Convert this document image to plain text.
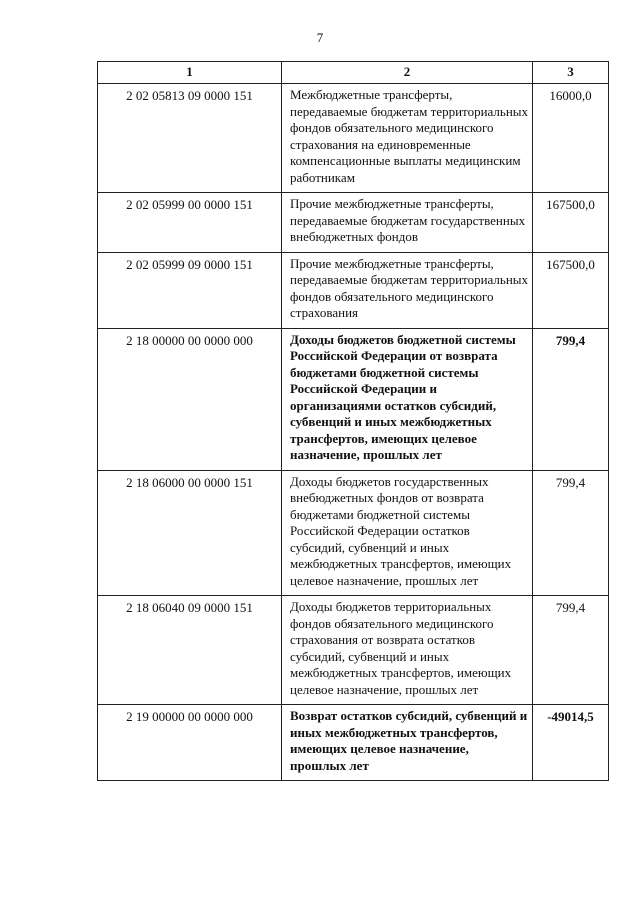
7
1	2	3
2 02 05813 09 0000 151	Межбюджетные трансферты, передаваемые бюджетам территориальных фондов обязательного медицинского страхования на единовременные компенсационные выплаты медицинским работникам	16000,0
2 02 05999 00 0000 151	Прочие межбюджетные трансферты, передаваемые бюджетам государственных внебюджетных фондов	167500,0
2 02 05999 09 0000 151	Прочие межбюджетные трансферты, передаваемые бюджетам территориальных фондов обязательного медицинского страхования	167500,0
2 18 00000 00 0000 000	Доходы бюджетов бюджетной системы Российской Федерации от возврата бюджетами бюджетной системы Российской Федерации и организациями остатков субсидий, субвенций и иных межбюджетных трансфертов, имеющих целевое назначение, прошлых лет	799,4
2 18 06000 00 0000 151	Доходы бюджетов государственных внебюджетных фондов от возврата бюджетами бюджетной системы Российской Федерации остатков субсидий, субвенций и иных межбюджетных трансфертов, имеющих целевое назначение, прошлых лет	799,4
2 18 06040 09 0000 151	Доходы бюджетов территориальных фондов обязательного медицинского страхования от возврата остатков субсидий, субвенций и иных межбюджетных трансфертов, имеющих целевое назначение, прошлых лет	799,4
2 19 00000 00 0000 000	Возврат остатков субсидий, субвенций и иных межбюджетных трансфертов, имеющих целевое назначение, прошлых лет	-49014,5
